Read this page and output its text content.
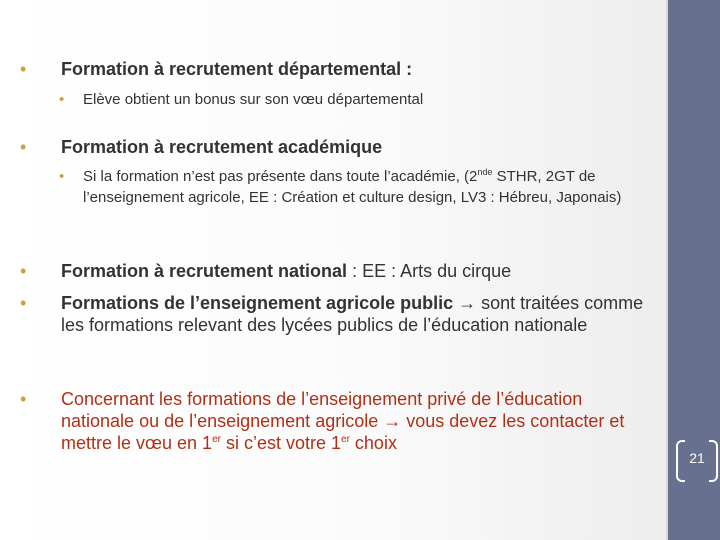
•	Formation à recrutement départemental :
•	Elève obtient un bonus sur son vœu départemental
•	Formation à recrutement académique
•	Si la formation n’est pas présente dans toute l’académie, (2nde STHR, 2GT de l’enseignement agricole, EE : Création et culture design, LV3 : Hébreu, Japonais)
•	Formation à recrutement national : EE : Arts du cirque
•	Formations de l’enseignement agricole public → sont traitées comme les formations relevant des lycées publics de l’éducation nationale
•	Concernant les formations de l’enseignement privé de l’éducation nationale ou de l’enseignement agricole → vous devez les contacter et mettre le vœu en 1er si c’est votre 1er choix
21
